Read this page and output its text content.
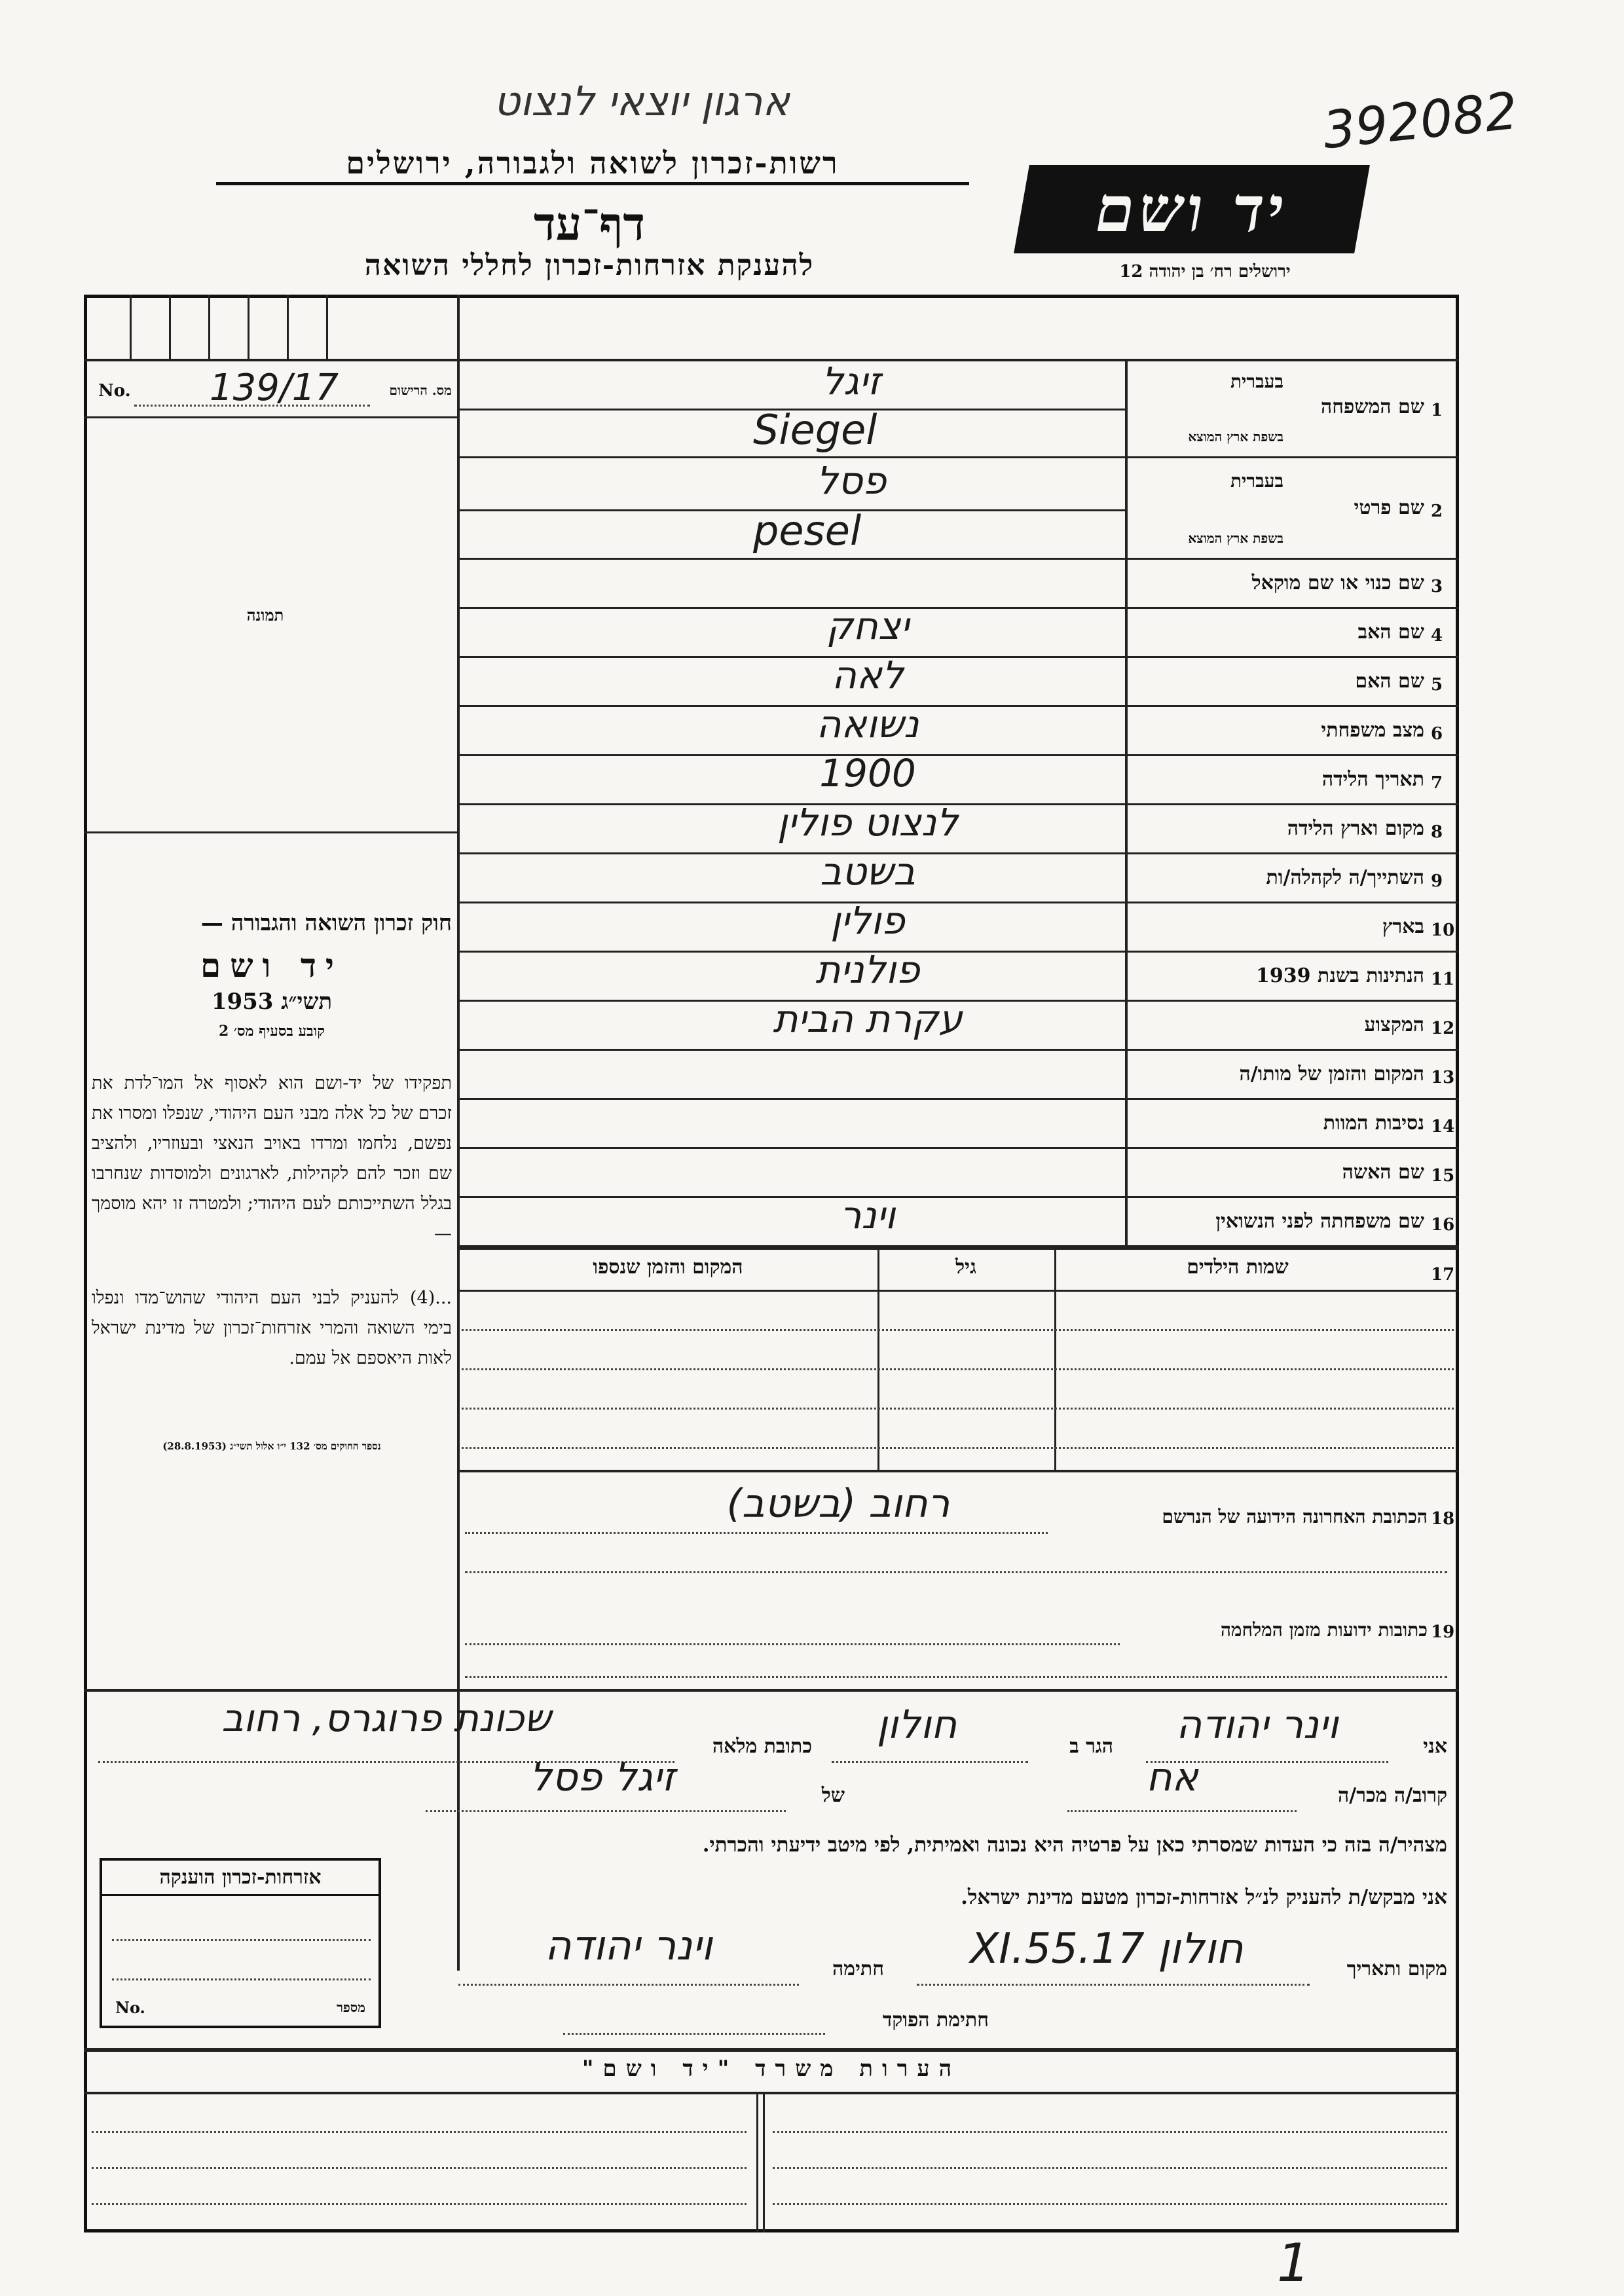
ארגון יוצאי לנצוט	392082
רשות-זכרון לשואה ולגבורה, ירושלים
דף־עד
להענקת אזרחות-זכרון לחללי השואה
יד ושם
ירושלים רח׳ בן יהודה 12
No. 139/17	מס. הרישום
תמונה
חוק זכרון השואה והגבורה —
יד ושם
תשי״ג 1953
קובע בסעיף מס׳ 2
תפקידו של יד-ושם הוא לאסוף אל המו־לדת את זכרם של כל אלה מבני העם היהודי, שנפלו ומסרו את נפשם, נלחמו ומרדו באויב הנאצי ובעוזריו, ולהציב שם וזכר להם לקהילות, לארגונים ולמוסדות שנחרבו בגלל השתייכותם לעם היהודי; ולמטרה זו יהא מוסמך —
...(4) להעניק לבני העם היהודי שהוש־מדו ונפלו בימי השואה והמרי אזרחות־זכרון של מדינת ישראל לאות היאספם אל עמם.
נספר החוקים מס׳ 132 י״ו אלול תשי״ג (28.8.1953)
1
שם המשפחה
בעברית
בשפת ארץ המוצא
זיגל
Siegel
2
שם פרטי
בעברית
בשפת ארץ המוצא
פסל
pesel
3
שם כנוי או שם מוקאל
4
שם האב
יצחק
5
שם האם
לאה
6
מצב משפחתי
נשואה
7
תאריך הלידה
1900
8
מקום וארץ הלידה
לנצוט פולין
9
השתייך/ה לקהלה/ות
בשטב
10
בארץ
פולין
11
הנתינות בשנת 1939
פולנית
12
המקצוע
עקרת הבית
13
המקום והזמן של מותו/ה
14
נסיבות המוות
15
שם האשה
16
שם משפחתה לפני הנשואין
וינר
17
שמות הילדים
גיל
המקום והזמן שנספו
18
הכתובת האחרונה הידועה של הנרשם
רחוב (בשטב)
19
כתובות ידועות מזמן המלחמה
אני
וינר יהודה
הגר ב
חולון
כתובת מלאה
שכונת פרוגרס, רחוב
קרוב/ה מכר/ה
אח
של
זיגל פסל
מצהיר/ה בזה כי העדות שמסרתי כאן על פרטיה היא נכונה ואמיתית, לפי מיטב ידיעתי והכרתי.
אני מבקש/ת להעניק לנ״ל אזרחות-זכרון מטעם מדינת ישראל.
מקום ותאריך
חולון 17.XI.55
חתימה
וינר יהודה
חתימת הפוקד
אזרחות-זכרון הוענקה
No.	מספר
הערות משרד "יד ושם"
1
